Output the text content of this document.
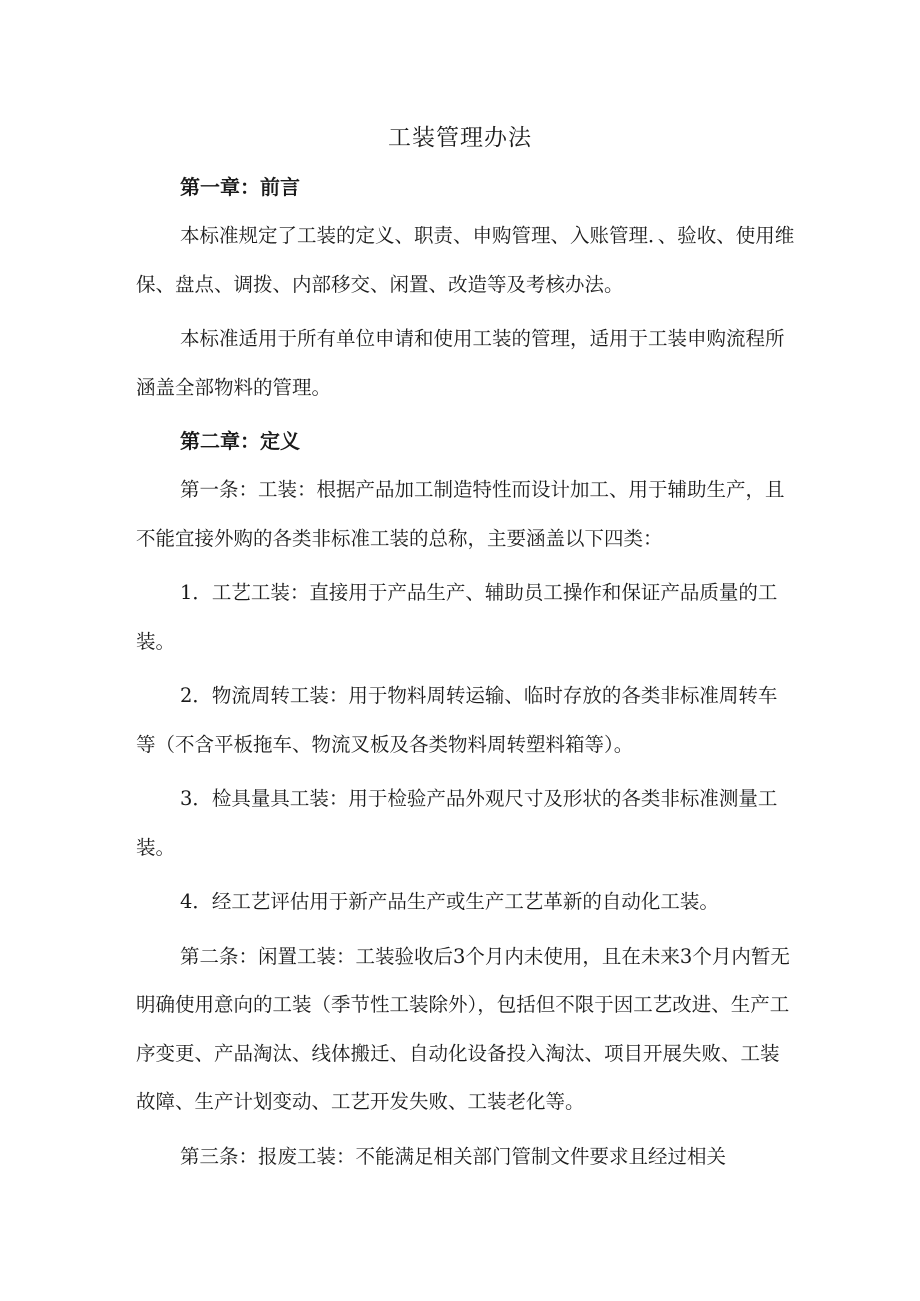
工装管理办法
第一章：前言
本标准规定了工装的定义、职责、申购管理、入账管理．、验收、使用维保、盘点、调拨、内部移交、闲置、改造等及考核办法。
本标准适用于所有单位申请和使用工装的管理，适用于工装申购流程所涵盖全部物料的管理。
第二章：定义
第一条：工装：根据产品加工制造特性而设计加工、用于辅助生产，且不能宜接外购的各类非标准工装的总称，主要涵盖以下四类：
1．工艺工装：直接用于产品生产、辅助员工操作和保证产品质量的工装。
2．物流周转工装：用于物料周转运输、临时存放的各类非标准周转车等（不含平板拖车、物流叉板及各类物料周转塑料箱等）。
3．检具量具工装：用于检验产品外观尺寸及形状的各类非标准测量工装。
4．经工艺评估用于新产品生产或生产工艺革新的自动化工装。
第二条：闲置工装：工装验收后3个月内未使用，且在未来3个月内暂无明确使用意向的工装（季节性工装除外），包括但不限于因工艺改进、生产工序变更、产品淘汰、线体搬迁、自动化设备投入淘汰、项目开展失败、工装故障、生产计划变动、工艺开发失败、工装老化等。
第三条：报废工装：不能满足相关部门管制文件要求且经过相关
